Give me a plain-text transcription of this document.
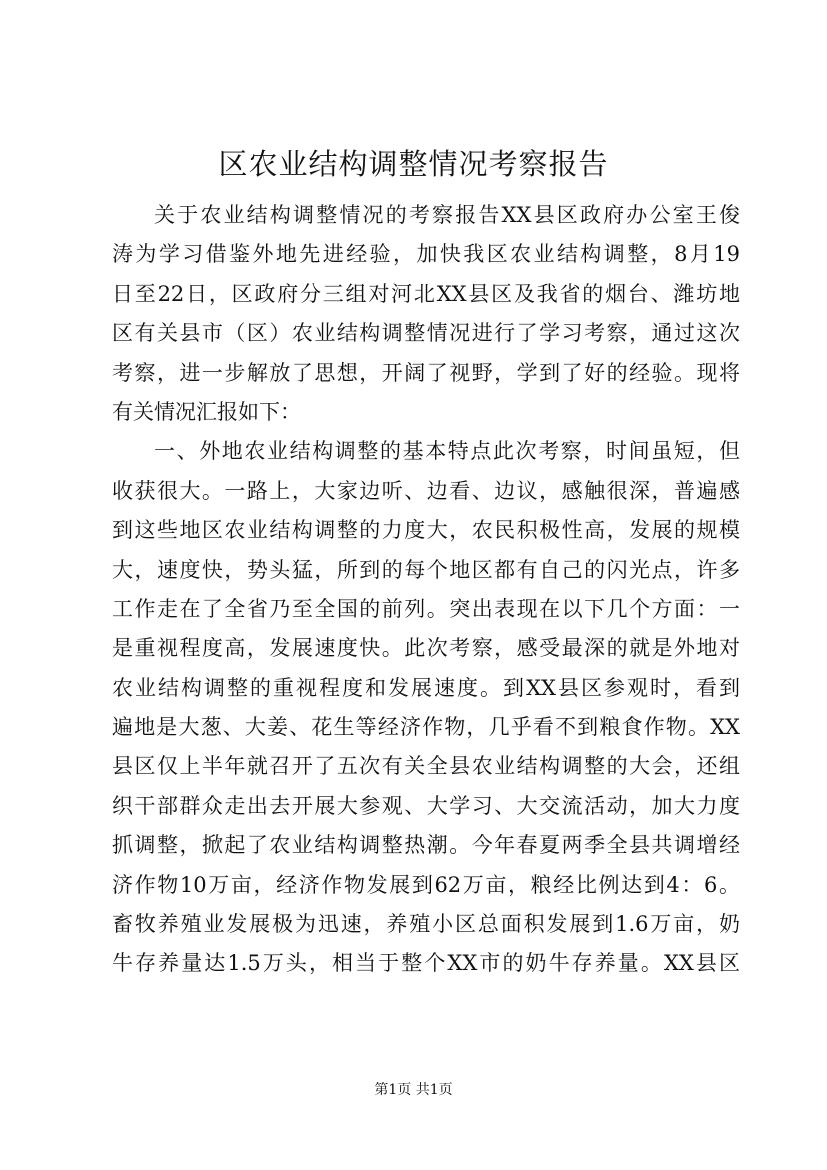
区农业结构调整情况考察报告
关于农业结构调整情况的考察报告XX县区政府办公室王俊
涛为学习借鉴外地先进经验，加快我区农业结构调整，8月19
日至22日，区政府分三组对河北XX县区及我省的烟台、潍坊地
区有关县市（区）农业结构调整情况进行了学习考察，通过这次
考察，进一步解放了思想，开阔了视野，学到了好的经验。现将
有关情况汇报如下：
一、外地农业结构调整的基本特点此次考察，时间虽短，但
收获很大。一路上，大家边听、边看、边议，感触很深，普遍感
到这些地区农业结构调整的力度大，农民积极性高，发展的规模
大，速度快，势头猛，所到的每个地区都有自己的闪光点，许多
工作走在了全省乃至全国的前列。突出表现在以下几个方面：一
是重视程度高，发展速度快。此次考察，感受最深的就是外地对
农业结构调整的重视程度和发展速度。到XX县区参观时，看到
遍地是大葱、大姜、花生等经济作物，几乎看不到粮食作物。XX
县区仅上半年就召开了五次有关全县农业结构调整的大会，还组
织干部群众走出去开展大参观、大学习、大交流活动，加大力度
抓调整，掀起了农业结构调整热潮。今年春夏两季全县共调增经
济作物10万亩，经济作物发展到62万亩，粮经比例达到4：6。
畜牧养殖业发展极为迅速，养殖小区总面积发展到1.6万亩，奶
牛存养量达1.5万头，相当于整个XX市的奶牛存养量。XX县区
第1页 共1页
